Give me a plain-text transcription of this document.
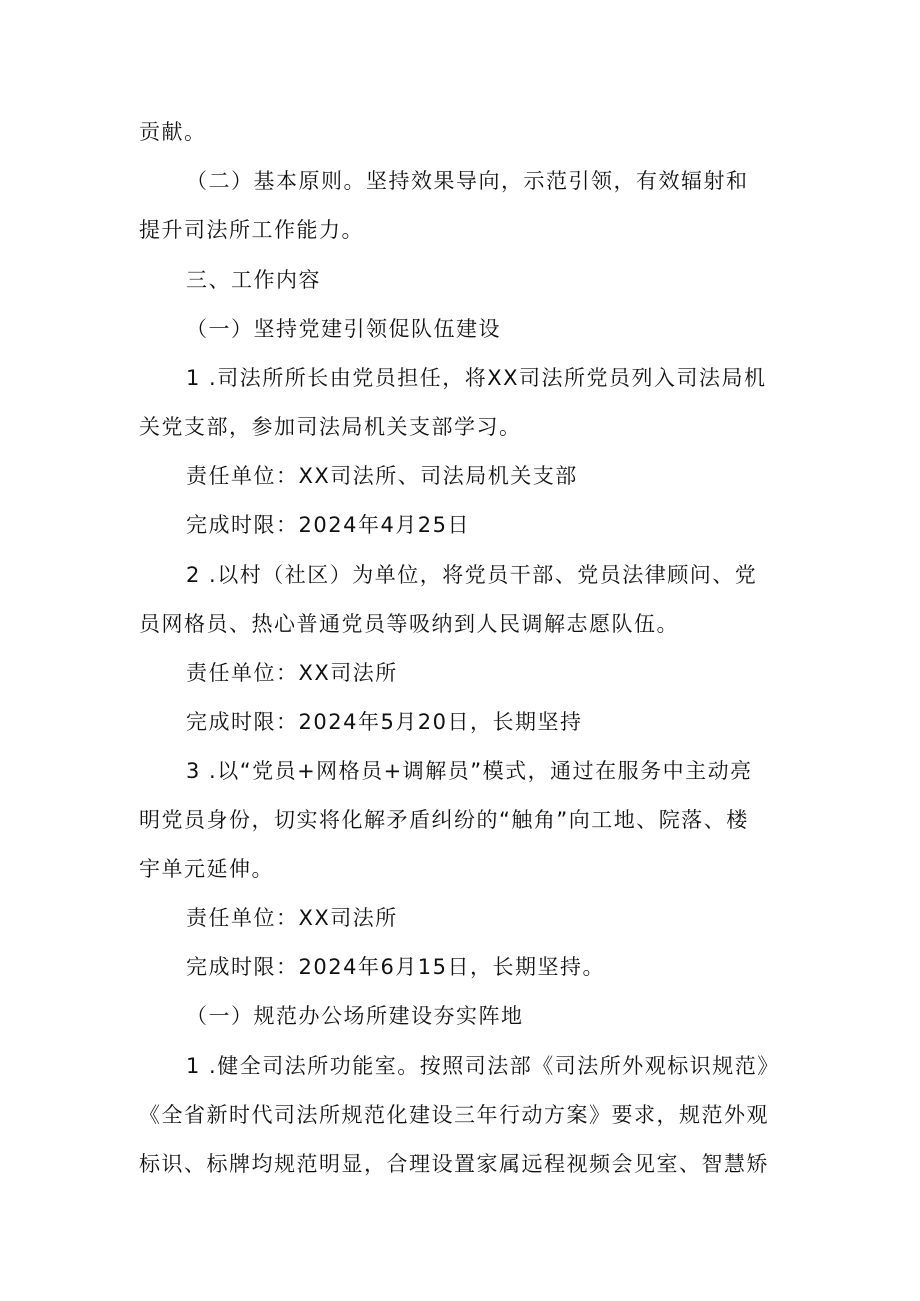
贡献。
（二）基本原则。坚持效果导向，示范引领，有效辐射和
提升司法所工作能力。
三、工作内容
（一）坚持党建引领促队伍建设
1 .司法所所长由党员担任，将XX司法所党员列入司法局机
关党支部，参加司法局机关支部学习。
责任单位：XX司法所、司法局机关支部
完成时限：2024年4月25日
2 .以村（社区）为单位，将党员干部、党员法律顾问、党
员网格员、热心普通党员等吸纳到人民调解志愿队伍。
责任单位：XX司法所
完成时限：2024年5月20日，长期坚持
3 .以“党员+网格员+调解员”模式，通过在服务中主动亮
明党员身份，切实将化解矛盾纠纷的“触角”向工地、院落、楼
宇单元延伸。
责任单位：XX司法所
完成时限：2024年6月15日，长期坚持。
（一）规范办公场所建设夯实阵地
1 .健全司法所功能室。按照司法部《司法所外观标识规范》
《全省新时代司法所规范化建设三年行动方案》要求，规范外观
标识、标牌均规范明显，合理设置家属远程视频会见室、智慧矫
